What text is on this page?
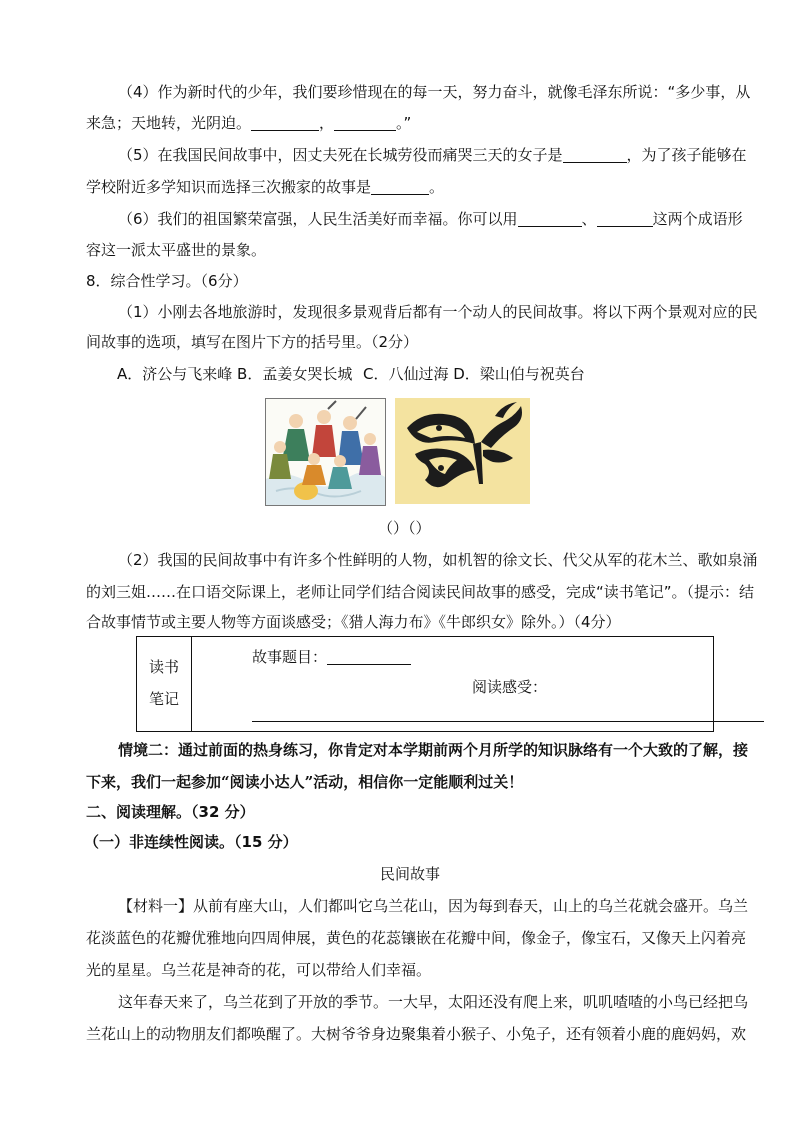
（4）作为新时代的少年，我们要珍惜现在的每一天，努力奋斗，就像毛泽东所说：“多少事，从
来急；天地转，光阴迫。	，	。”
（5）在我国民间故事中，因丈夫死在长城劳役而痛哭三天的女子是	，为了孩子能够在
学校附近多学知识而选择三次搬家的故事是	。
（6）我们的祖国繁荣富强，人民生活美好而幸福。你可以用	、	这两个成语形
容这一派太平盛世的景象。
8．综合性学习。（6分）
（1）小刚去各地旅游时，发现很多景观背后都有一个动人的民间故事。将以下两个景观对应的民
间故事的选项，填写在图片下方的括号里。（2分）
A．济公与飞来峰 B．孟姜女哭长城 C．八仙过海 D．梁山伯与祝英台
（）（）
（2）我国的民间故事中有许多个性鲜明的人物，如机智的徐文长、代父从军的花木兰、歌如泉涌
的刘三姐……在口语交际课上，老师让同学们结合阅读民间故事的感受，完成“读书笔记”。（提示：结
合故事情节或主要人物等方面谈感受；《猎人海力布》《牛郎织女》除外。）（4分）
读书
笔记

故事题目：
阅读感受：
情境二：通过前面的热身练习，你肯定对本学期前两个月所学的知识脉络有一个大致的了解，接
下来，我们一起参加“阅读小达人”活动，相信你一定能顺利过关！
二、阅读理解。（32 分）
（一）非连续性阅读。（15 分）
民间故事
【材料一】从前有座大山，人们都叫它乌兰花山，因为每到春天，山上的乌兰花就会盛开。乌兰
花淡蓝色的花瓣优雅地向四周伸展，黄色的花蕊镶嵌在花瓣中间，像金子，像宝石，又像天上闪着亮
光的星星。乌兰花是神奇的花，可以带给人们幸福。
这年春天来了，乌兰花到了开放的季节。一大早，太阳还没有爬上来，叽叽喳喳的小鸟已经把乌
兰花山上的动物朋友们都唤醒了。大树爷爷身边聚集着小猴子、小兔子，还有领着小鹿的鹿妈妈，欢
